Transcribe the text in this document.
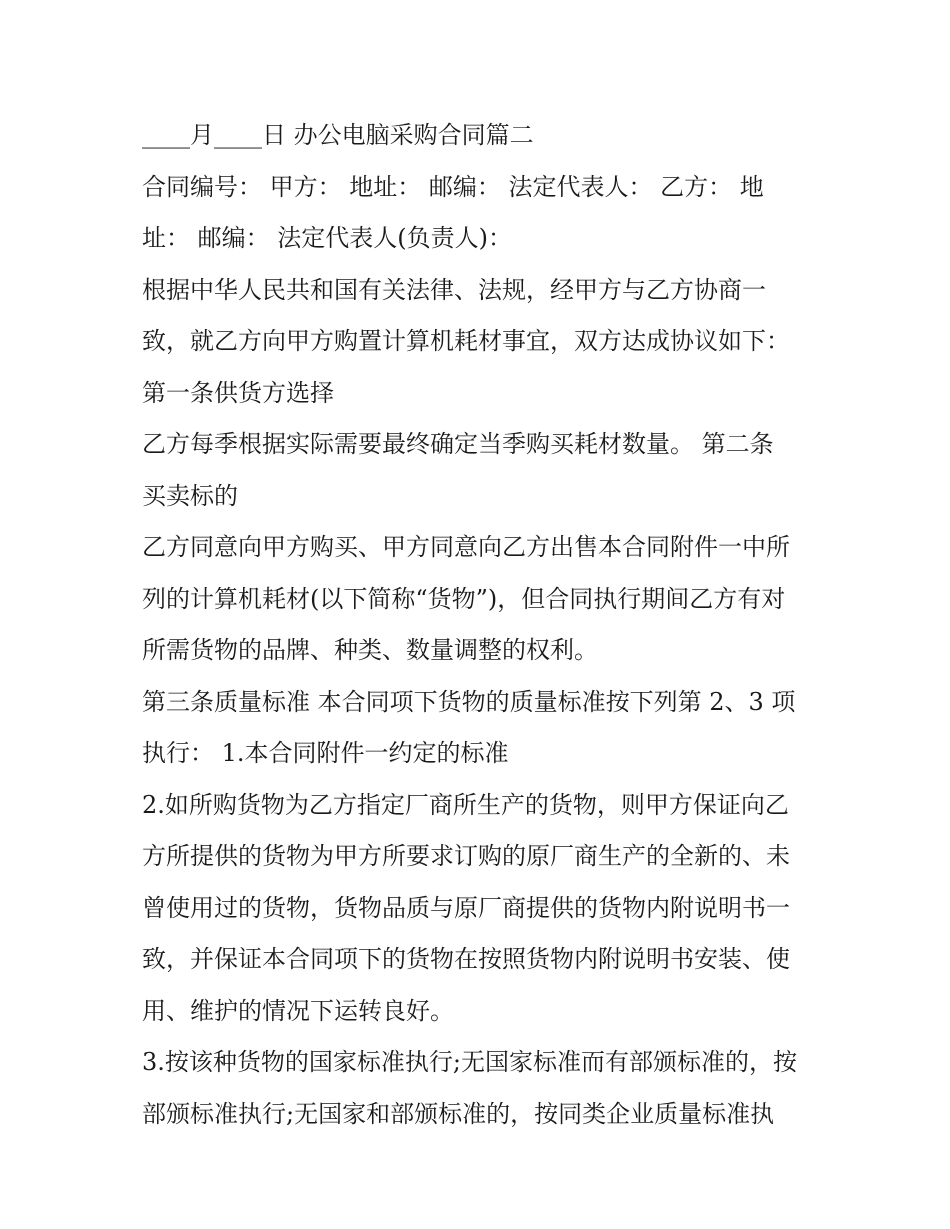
____月____日 办公电脑采购合同篇二
合同编号： 甲方： 地址： 邮编： 法定代表人： 乙方： 地
址： 邮编： 法定代表人(负责人)：
根据中华人民共和国有关法律、法规，经甲方与乙方协商一
致，就乙方向甲方购置计算机耗材事宜，双方达成协议如下：
第一条供货方选择
乙方每季根据实际需要最终确定当季购买耗材数量。 第二条
买卖标的
乙方同意向甲方购买、甲方同意向乙方出售本合同附件一中所
列的计算机耗材(以下简称“货物”)，但合同执行期间乙方有对
所需货物的品牌、种类、数量调整的权利。
第三条质量标准 本合同项下货物的质量标准按下列第 2、3 项
执行： 1.本合同附件一约定的标准
2.如所购货物为乙方指定厂商所生产的货物，则甲方保证向乙
方所提供的货物为甲方所要求订购的原厂商生产的全新的、未
曾使用过的货物，货物品质与原厂商提供的货物内附说明书一
致，并保证本合同项下的货物在按照货物内附说明书安装、使
用、维护的情况下运转良好。
3.按该种货物的国家标准执行;无国家标准而有部颁标准的，按
部颁标准执行;无国家和部颁标准的，按同类企业质量标准执
